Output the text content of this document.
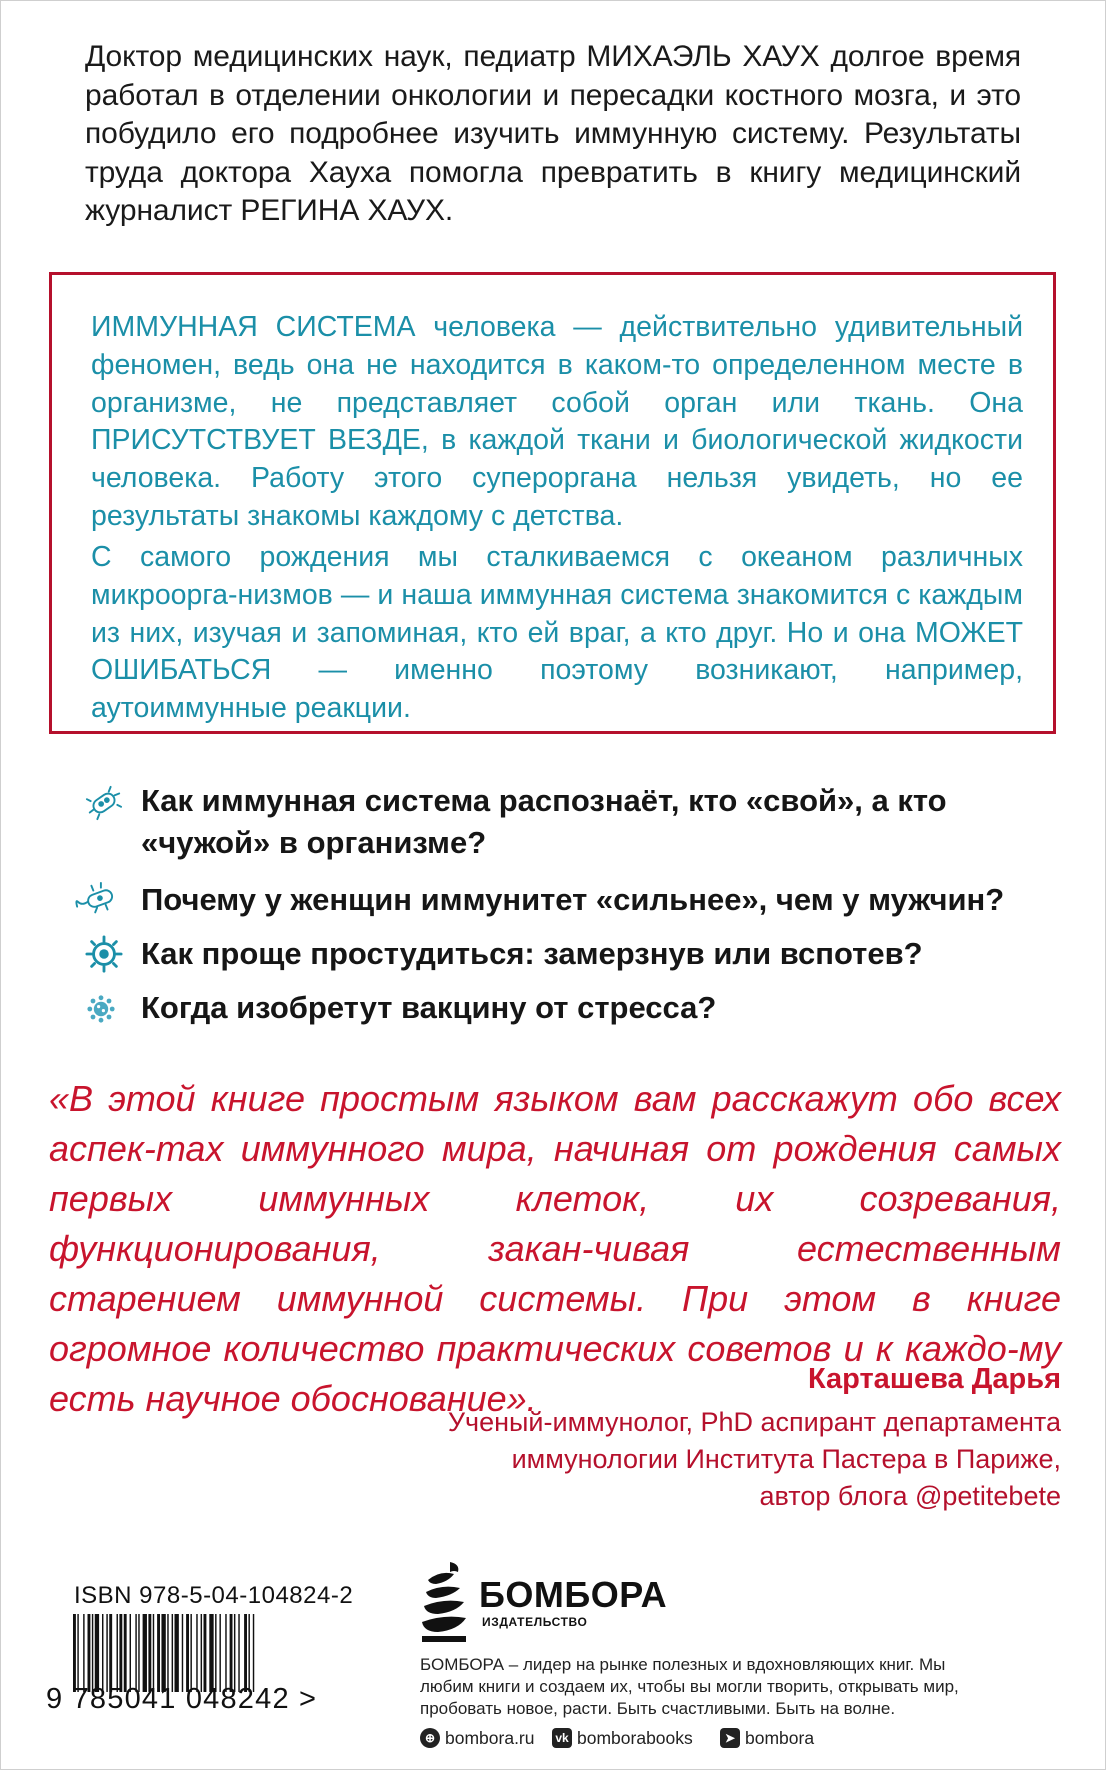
Доктор медицинских наук, педиатр МИХАЭЛЬ ХАУХ долгое время работал в отделении онкологии и пересадки костного мозга, и это побудило его подробнее изучить иммунную систему. Результаты труда доктора Хауха помогла превратить в книгу медицинский журналист РЕГИНА ХАУХ.

ИММУННАЯ СИСТЕМА человека — действительно удивительный феномен, ведь она не находится в каком-то определенном месте в организме, не представляет собой орган или ткань. Она ПРИСУТСТВУЕТ ВЕЗДЕ, в каждой ткани и биологической жидкости человека. Работу этого суперoргана нельзя увидеть, но ее результаты знакомы каждому с детства.

С самого рождения мы сталкиваемся с океаном различных микроорга-низмов — и наша иммунная система знакомится с каждым из них, изучая и запоминая, кто ей враг, а кто друг. Но и она МОЖЕТ ОШИБАТЬСЯ — именно поэтому возникают, например, аутоиммунные реакции.

Как иммунная система распознаёт, кто «свой», а кто «чужой» в организме?
Почему у женщин иммунитет «сильнее», чем у мужчин?
Как проще простудиться: замерзнув или вспотев?
Когда изобретут вакцину от стресса?

«В этой книге простым языком вам расскажут обо всех аспек-тах иммунного мира, начиная от рождения самых первых иммунных клеток, их созревания, функционирования, закан-чивая естественным старением иммунной системы. При этом в книге огромное количество практических советов и к каждо-му есть научное обоснование».	Карташева Дарья
Ученый-иммунолог, PhD аспирант департамента
иммунологии Института Пастера в Париже,
автор блога @petitebete
ISBN 978-5-04-104824-2
9 785041 048242 >
БОМБОРА
ИЗДАТЕЛЬСТВО
БОМБОРА – лидер на рынке полезных и вдохновляющих книг. Мы любим книги и создаем их, чтобы вы могли творить, открывать мир, пробовать новое, расти. Быть счастливыми. Быть на волне.
⊕ bombora.ru vk bomborabooks	➤ bombora
